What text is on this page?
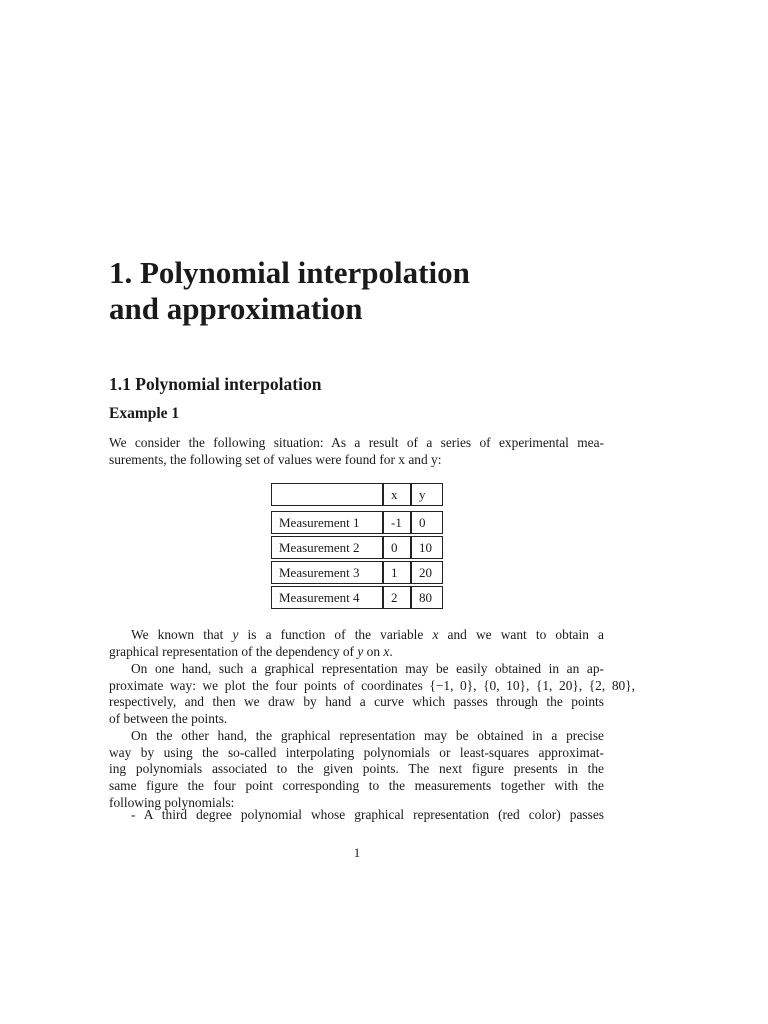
1. Polynomial interpolation
and approximation
1.1 Polynomial interpolation
Example 1
We consider the following situation: As a result of a series of experimental mea-
surements, the following set of values were found for x and y:
		x	y

Measurement 1		-1	0
Measurement 2		0	10
Measurement 3		1	20
Measurement 4		2	80
We known that y is a function of the variable x and we want to obtain a
graphical representation of the dependency of y on x.
On one hand, such a graphical representation may be easily obtained in an ap-
proximate way: we plot the four points of coordinates {−1, 0}, {0, 10}, {1, 20}, {2, 80},
respectively, and then we draw by hand a curve which passes through the points
of between the points.
On the other hand, the graphical representation may be obtained in a precise
way by using the so-called interpolating polynomials or least-squares approximat-
ing polynomials associated to the given points. The next figure presents in the
same figure the four point corresponding to the measurements together with the
following polynomials:
- A third degree polynomial whose graphical representation (red color) passes
1
